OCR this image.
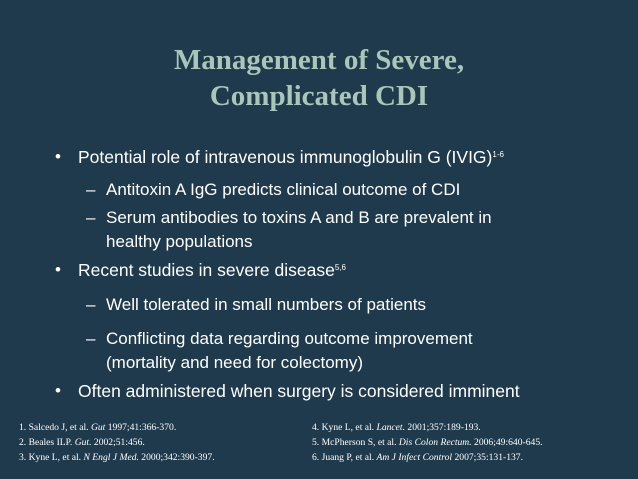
Management of Severe,
Complicated CDI
• Potential role of intravenous immunoglobulin G (IVIG)$^{1-6}$
– Antitoxin A IgG predicts clinical outcome of CDI
– Serum antibodies to toxins A and B are prevalent in
healthy populations
• Recent studies in severe disease$^{5,6}$
– Well tolerated in small numbers of patients
– Conflicting data regarding outcome improvement
(mortality and need for colectomy)
• Often administered when surgery is considered imminent
1. Salcedo J, et al. Gut 1997;41:366-370.
2. Beales ILP. Gut. 2002;51:456.
3. Kyne L, et al. N Engl J Med. 2000;342:390-397.
4. Kyne L, et al. Lancet. 2001;357:189-193.
5. McPherson S, et al. Dis Colon Rectum. 2006;49:640-645.
6. Juang P, et al. Am J Infect Control 2007;35:131-137.
